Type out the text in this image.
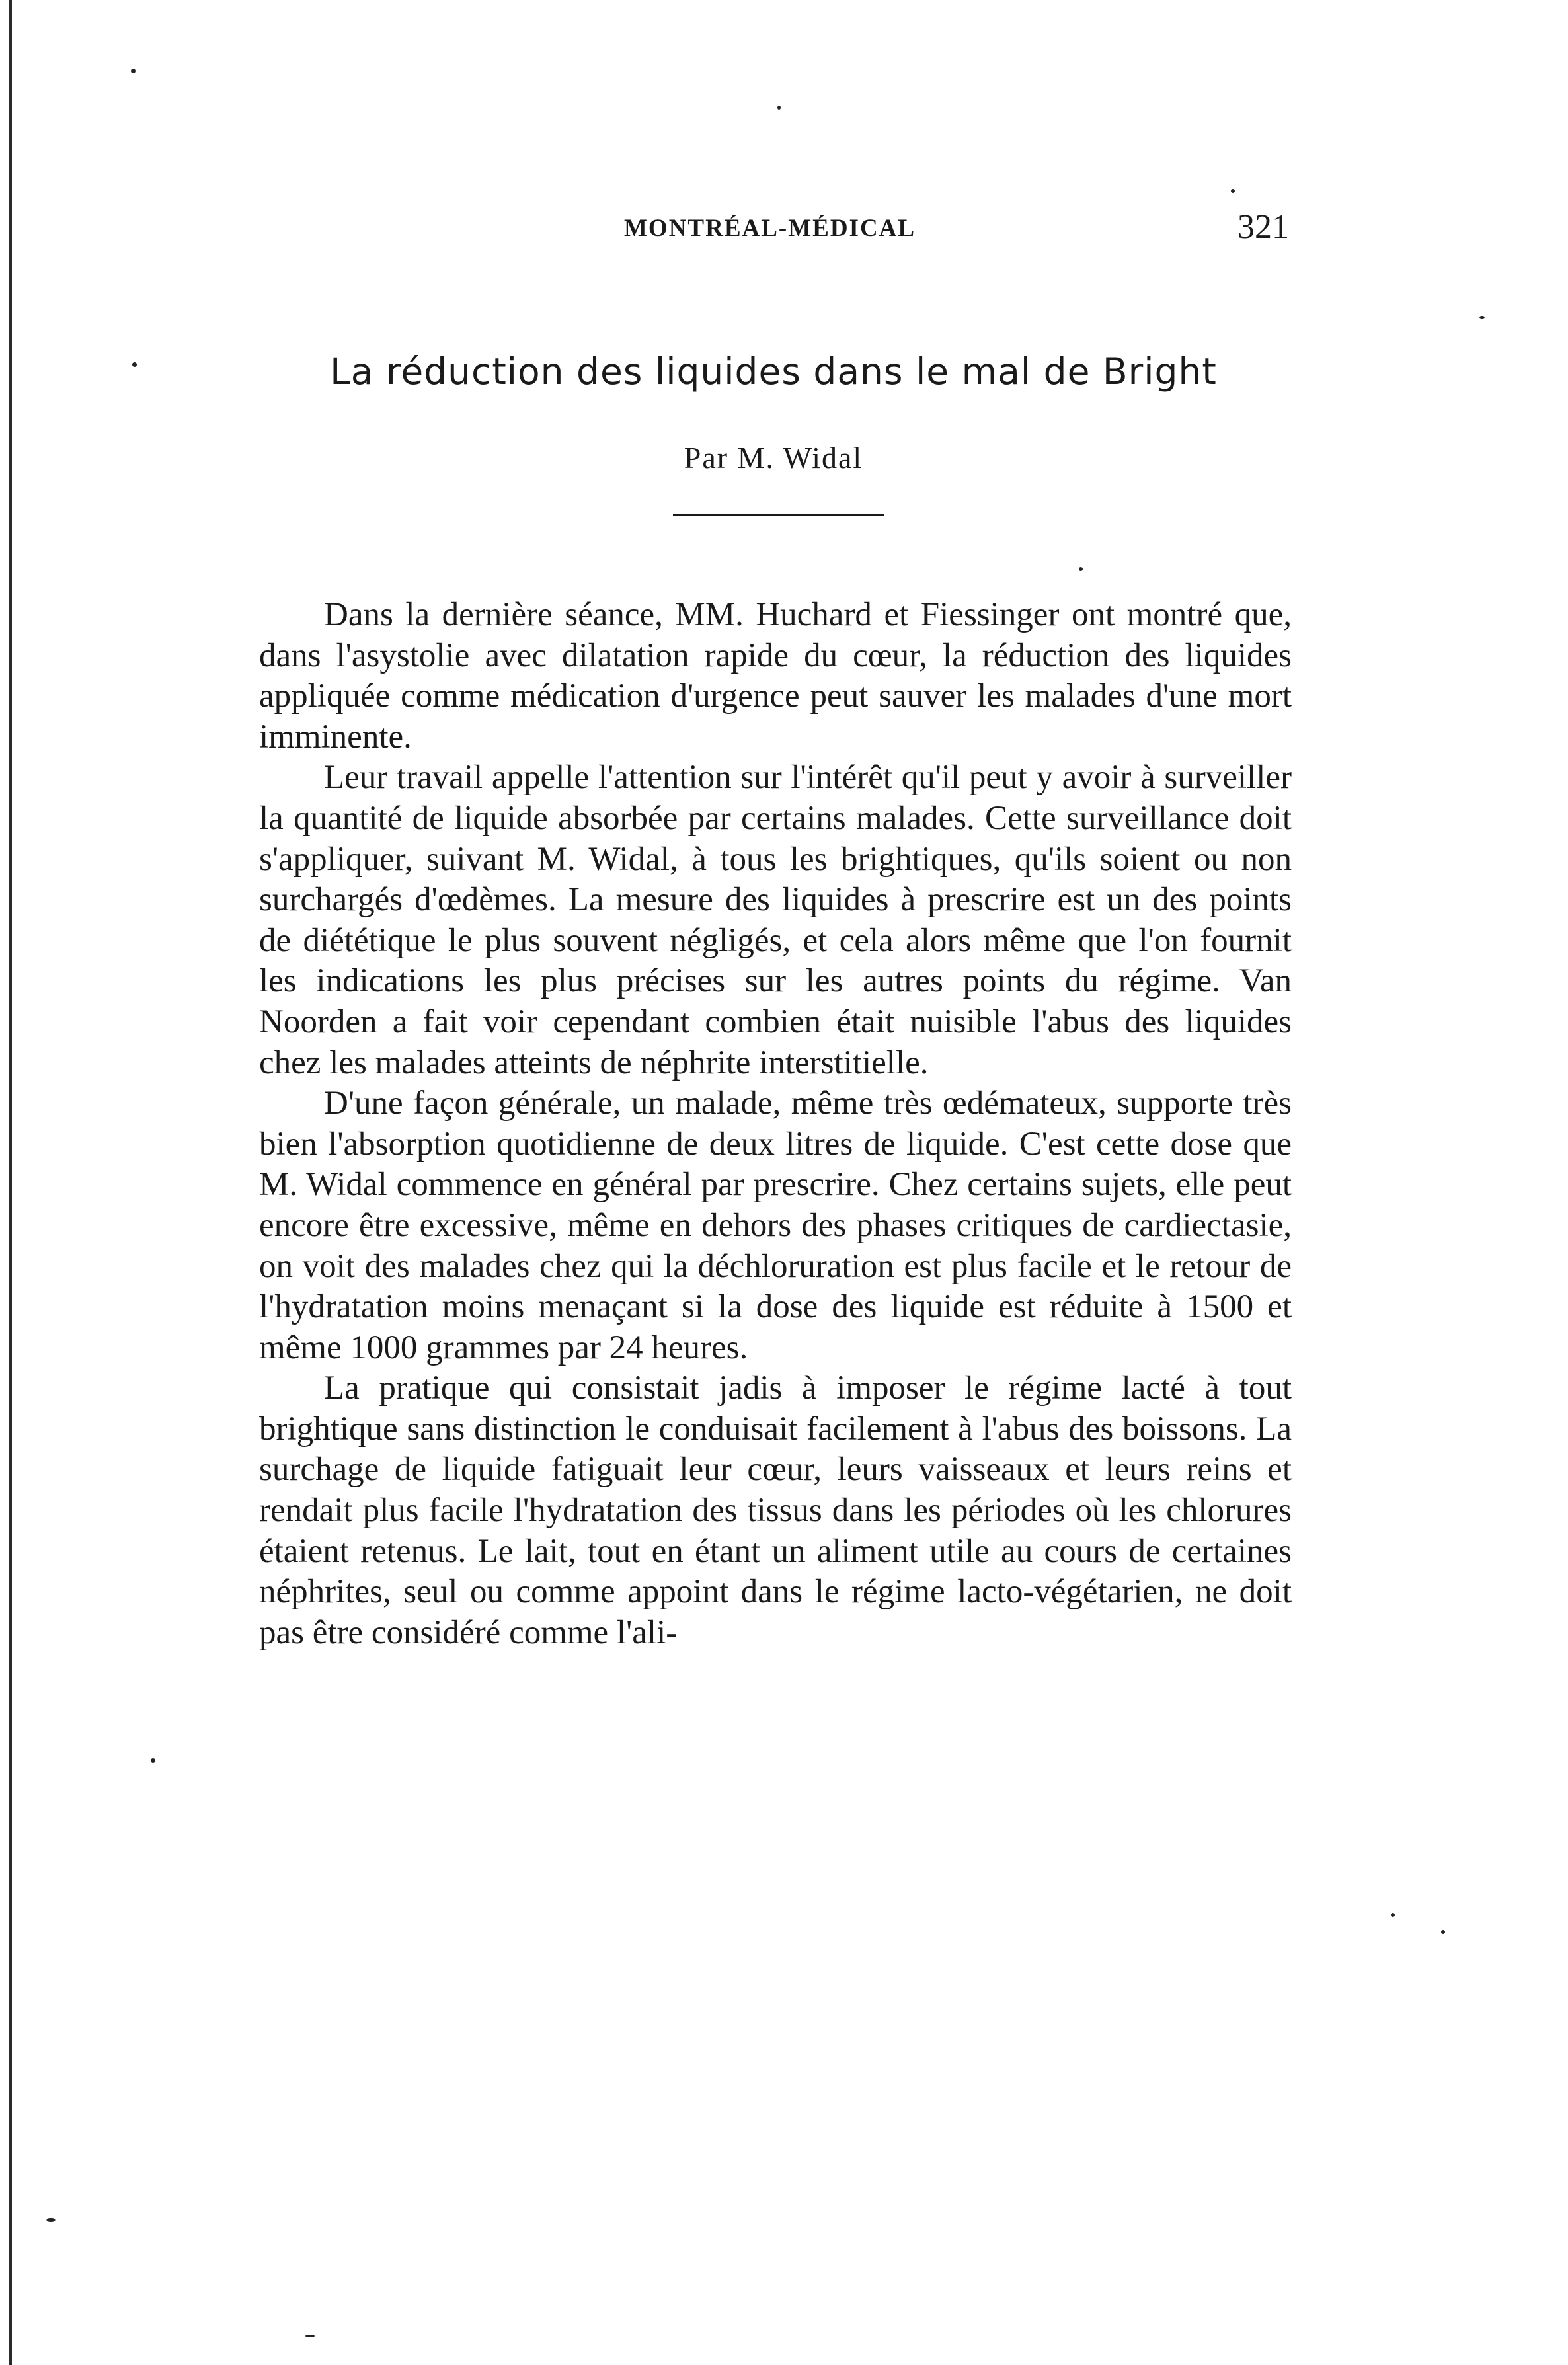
MONTRÉAL-MÉDICAL	321
La réduction des liquides dans le mal de Bright

Par M. Widal

Dans la dernière séance, MM. Huchard et Fiessinger ont montré que, dans l'asystolie avec dilatation rapide du cœur, la réduction des liquides appliquée comme médication d'urgence peut sauver les malades d'une mort imminente.

Leur travail appelle l'attention sur l'intérêt qu'il peut y avoir à surveiller la quantité de liquide absorbée par certains malades. Cette surveillance doit s'appliquer, suivant M. Widal, à tous les brightiques, qu'ils soient ou non surchargés d'œdèmes. La mesure des liquides à prescrire est un des points de diététique le plus souvent négligés, et cela alors même que l'on fournit les indications les plus précises sur les autres points du régime. Van Noorden a fait voir cependant combien était nuisible l'abus des liquides chez les malades atteints de néphrite interstitielle.

D'une façon générale, un malade, même très œdémateux, supporte très bien l'absorption quotidienne de deux litres de liquide. C'est cette dose que M. Widal commence en général par prescrire. Chez certains sujets, elle peut encore être excessive, même en dehors des phases critiques de cardiectasie, on voit des malades chez qui la déchloruration est plus facile et le retour de l'hydratation moins menaçant si la dose des liquide est réduite à 1500 et même 1000 grammes par 24 heures.

La pratique qui consistait jadis à imposer le régime lacté à tout brightique sans distinction le conduisait facilement à l'abus des boissons. La surchage de liquide fatiguait leur cœur, leurs vaisseaux et leurs reins et rendait plus facile l'hydratation des tissus dans les périodes où les chlorures étaient retenus. Le lait, tout en étant un aliment utile au cours de certaines néphrites, seul ou comme appoint dans le régime lacto-végétarien, ne doit pas être considéré comme l'ali-
